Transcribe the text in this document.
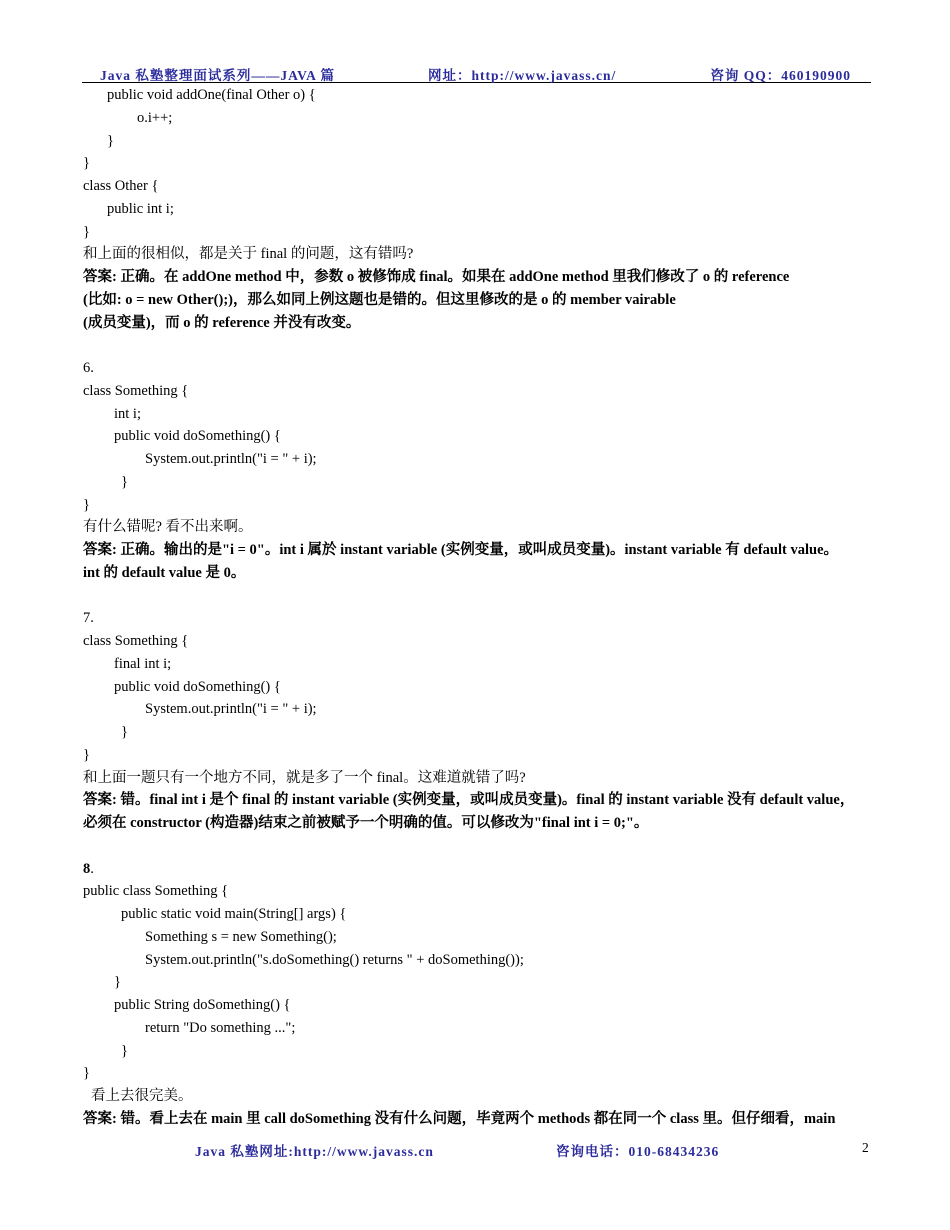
Java 私塾整理面试系列——JAVA 篇	网址：http://www.javass.cn/	咨询 QQ：460190900
public void addOne(final Other o) {
o.i++;
}
}
class Other {
public int i;
}
和上面的很相似，都是关于 final 的问题，这有错吗?
答案: 正确。在 addOne method 中，参数 o 被修饰成 final。如果在 addOne method 里我们修改了 o 的 reference
(比如: o = new Other();)，那么如同上例这题也是错的。但这里修改的是 o 的 member vairable
(成员变量)，而 o 的 reference 并没有改变。
6.
class Something {
int i;
public void doSomething() {
System.out.println("i = " + i);
}
}
有什么错呢? 看不出来啊。
答案: 正确。输出的是"i = 0"。int i 属於 instant variable (实例变量，或叫成员变量)。instant variable 有 default value。
int 的 default value 是 0。
7.
class Something {
final int i;
public void doSomething() {
System.out.println("i = " + i);
}
}
和上面一题只有一个地方不同，就是多了一个 final。这难道就错了吗?
答案: 错。final int i 是个 final 的 instant variable (实例变量，或叫成员变量)。final 的 instant variable 没有 default value，
必须在 constructor (构造器)结束之前被赋予一个明确的值。可以修改为"final int i = 0;"。
8.
public class Something {
public static void main(String[] args) {
Something s = new Something();
System.out.println("s.doSomething() returns " + doSomething());
}
public String doSomething() {
return "Do something ...";
}
}
看上去很完美。
答案: 错。看上去在 main 里 call doSomething 没有什么问题，毕竟两个 methods 都在同一个 class 里。但仔细看，main
Java 私塾网址:http://www.javass.cn	咨询电话：010-68434236	2
